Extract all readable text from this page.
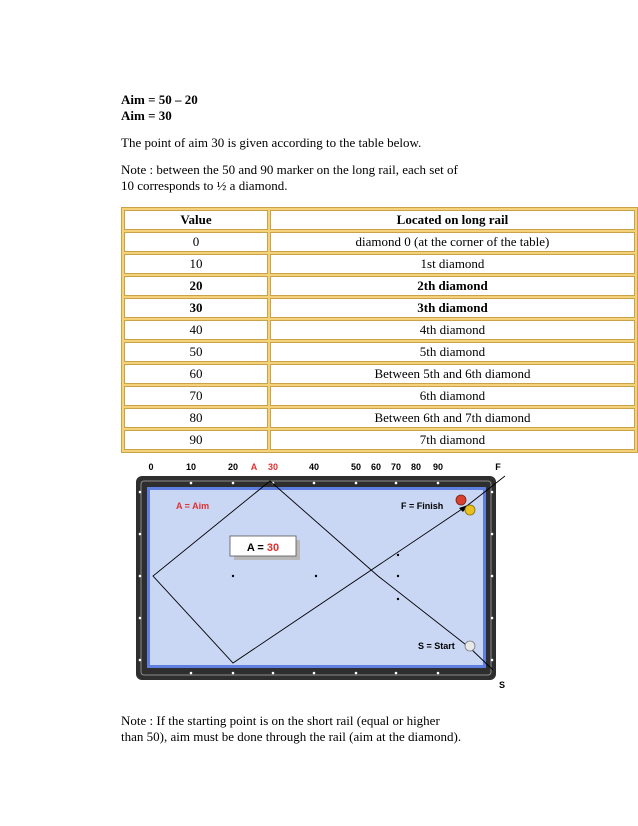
Aim = 50 – 20
Aim = 30
The point of aim 30 is given according to the table below.
Note : between the 50 and 90 marker on the long rail, each set of
10 corresponds to ½ a diamond.
Value	Located on long rail
0	diamond 0 (at the corner of the table)
10	1st diamond
20	2th diamond
30	3th diamond
40	4th diamond
50	5th diamond
60	Between 5th and 6th diamond
70	6th diamond
80	Between 6th and 7th diamond
90	7th diamond
0	10	20 A 30	40	50 60 70 80 90	F
A = Aim	F = Finish
S = Start
A = 30
S
Note : If the starting point is on the short rail (equal or higher
than 50), aim must be done through the rail (aim at the diamond).
